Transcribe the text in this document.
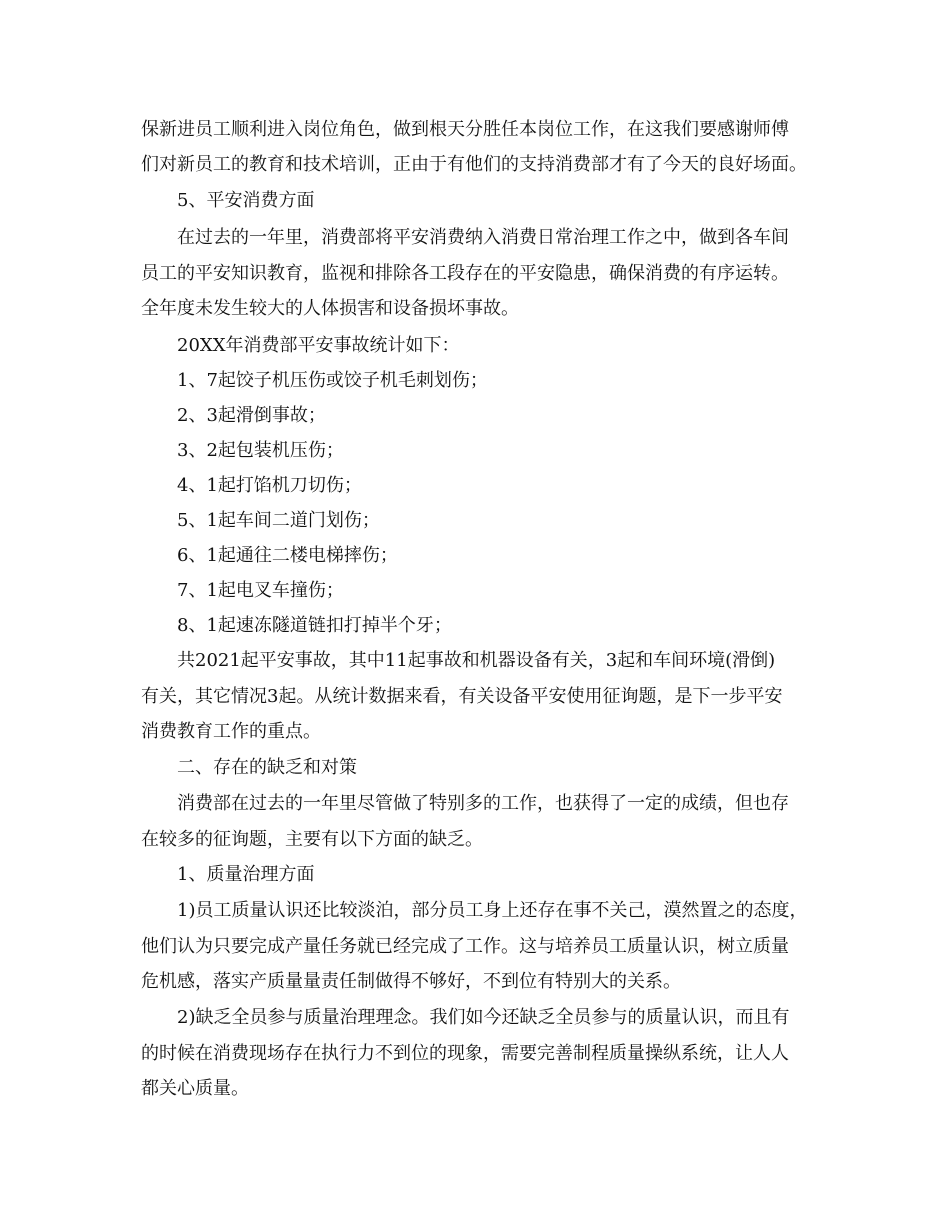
保新进员工顺利进入岗位角色，做到根天分胜任本岗位工作，在这我们要感谢师傅
们对新员工的教育和技术培训，正由于有他们的支持消费部才有了今天的良好场面。
5、平安消费方面
在过去的一年里，消费部将平安消费纳入消费日常治理工作之中，做到各车间
员工的平安知识教育，监视和排除各工段存在的平安隐患，确保消费的有序运转。
全年度未发生较大的人体损害和设备损坏事故。
20XX年消费部平安事故统计如下：
1、7起饺子机压伤或饺子机毛刺划伤；
2、3起滑倒事故；
3、2起包装机压伤；
4、1起打馅机刀切伤；
5、1起车间二道门划伤；
6、1起通往二楼电梯摔伤；
7、1起电叉车撞伤；
8、1起速冻隧道链扣打掉半个牙；
共2021起平安事故，其中11起事故和机器设备有关，3起和车间环境(滑倒)
有关，其它情况3起。从统计数据来看，有关设备平安使用征询题，是下一步平安
消费教育工作的重点。
二、存在的缺乏和对策
消费部在过去的一年里尽管做了特别多的工作，也获得了一定的成绩，但也存
在较多的征询题，主要有以下方面的缺乏。
1、质量治理方面
1)员工质量认识还比较淡泊，部分员工身上还存在事不关己，漠然置之的态度，
他们认为只要完成产量任务就已经完成了工作。这与培养员工质量认识，树立质量
危机感，落实产质量量责任制做得不够好，不到位有特别大的关系。
2)缺乏全员参与质量治理理念。我们如今还缺乏全员参与的质量认识，而且有
的时候在消费现场存在执行力不到位的现象，需要完善制程质量操纵系统，让人人
都关心质量。
